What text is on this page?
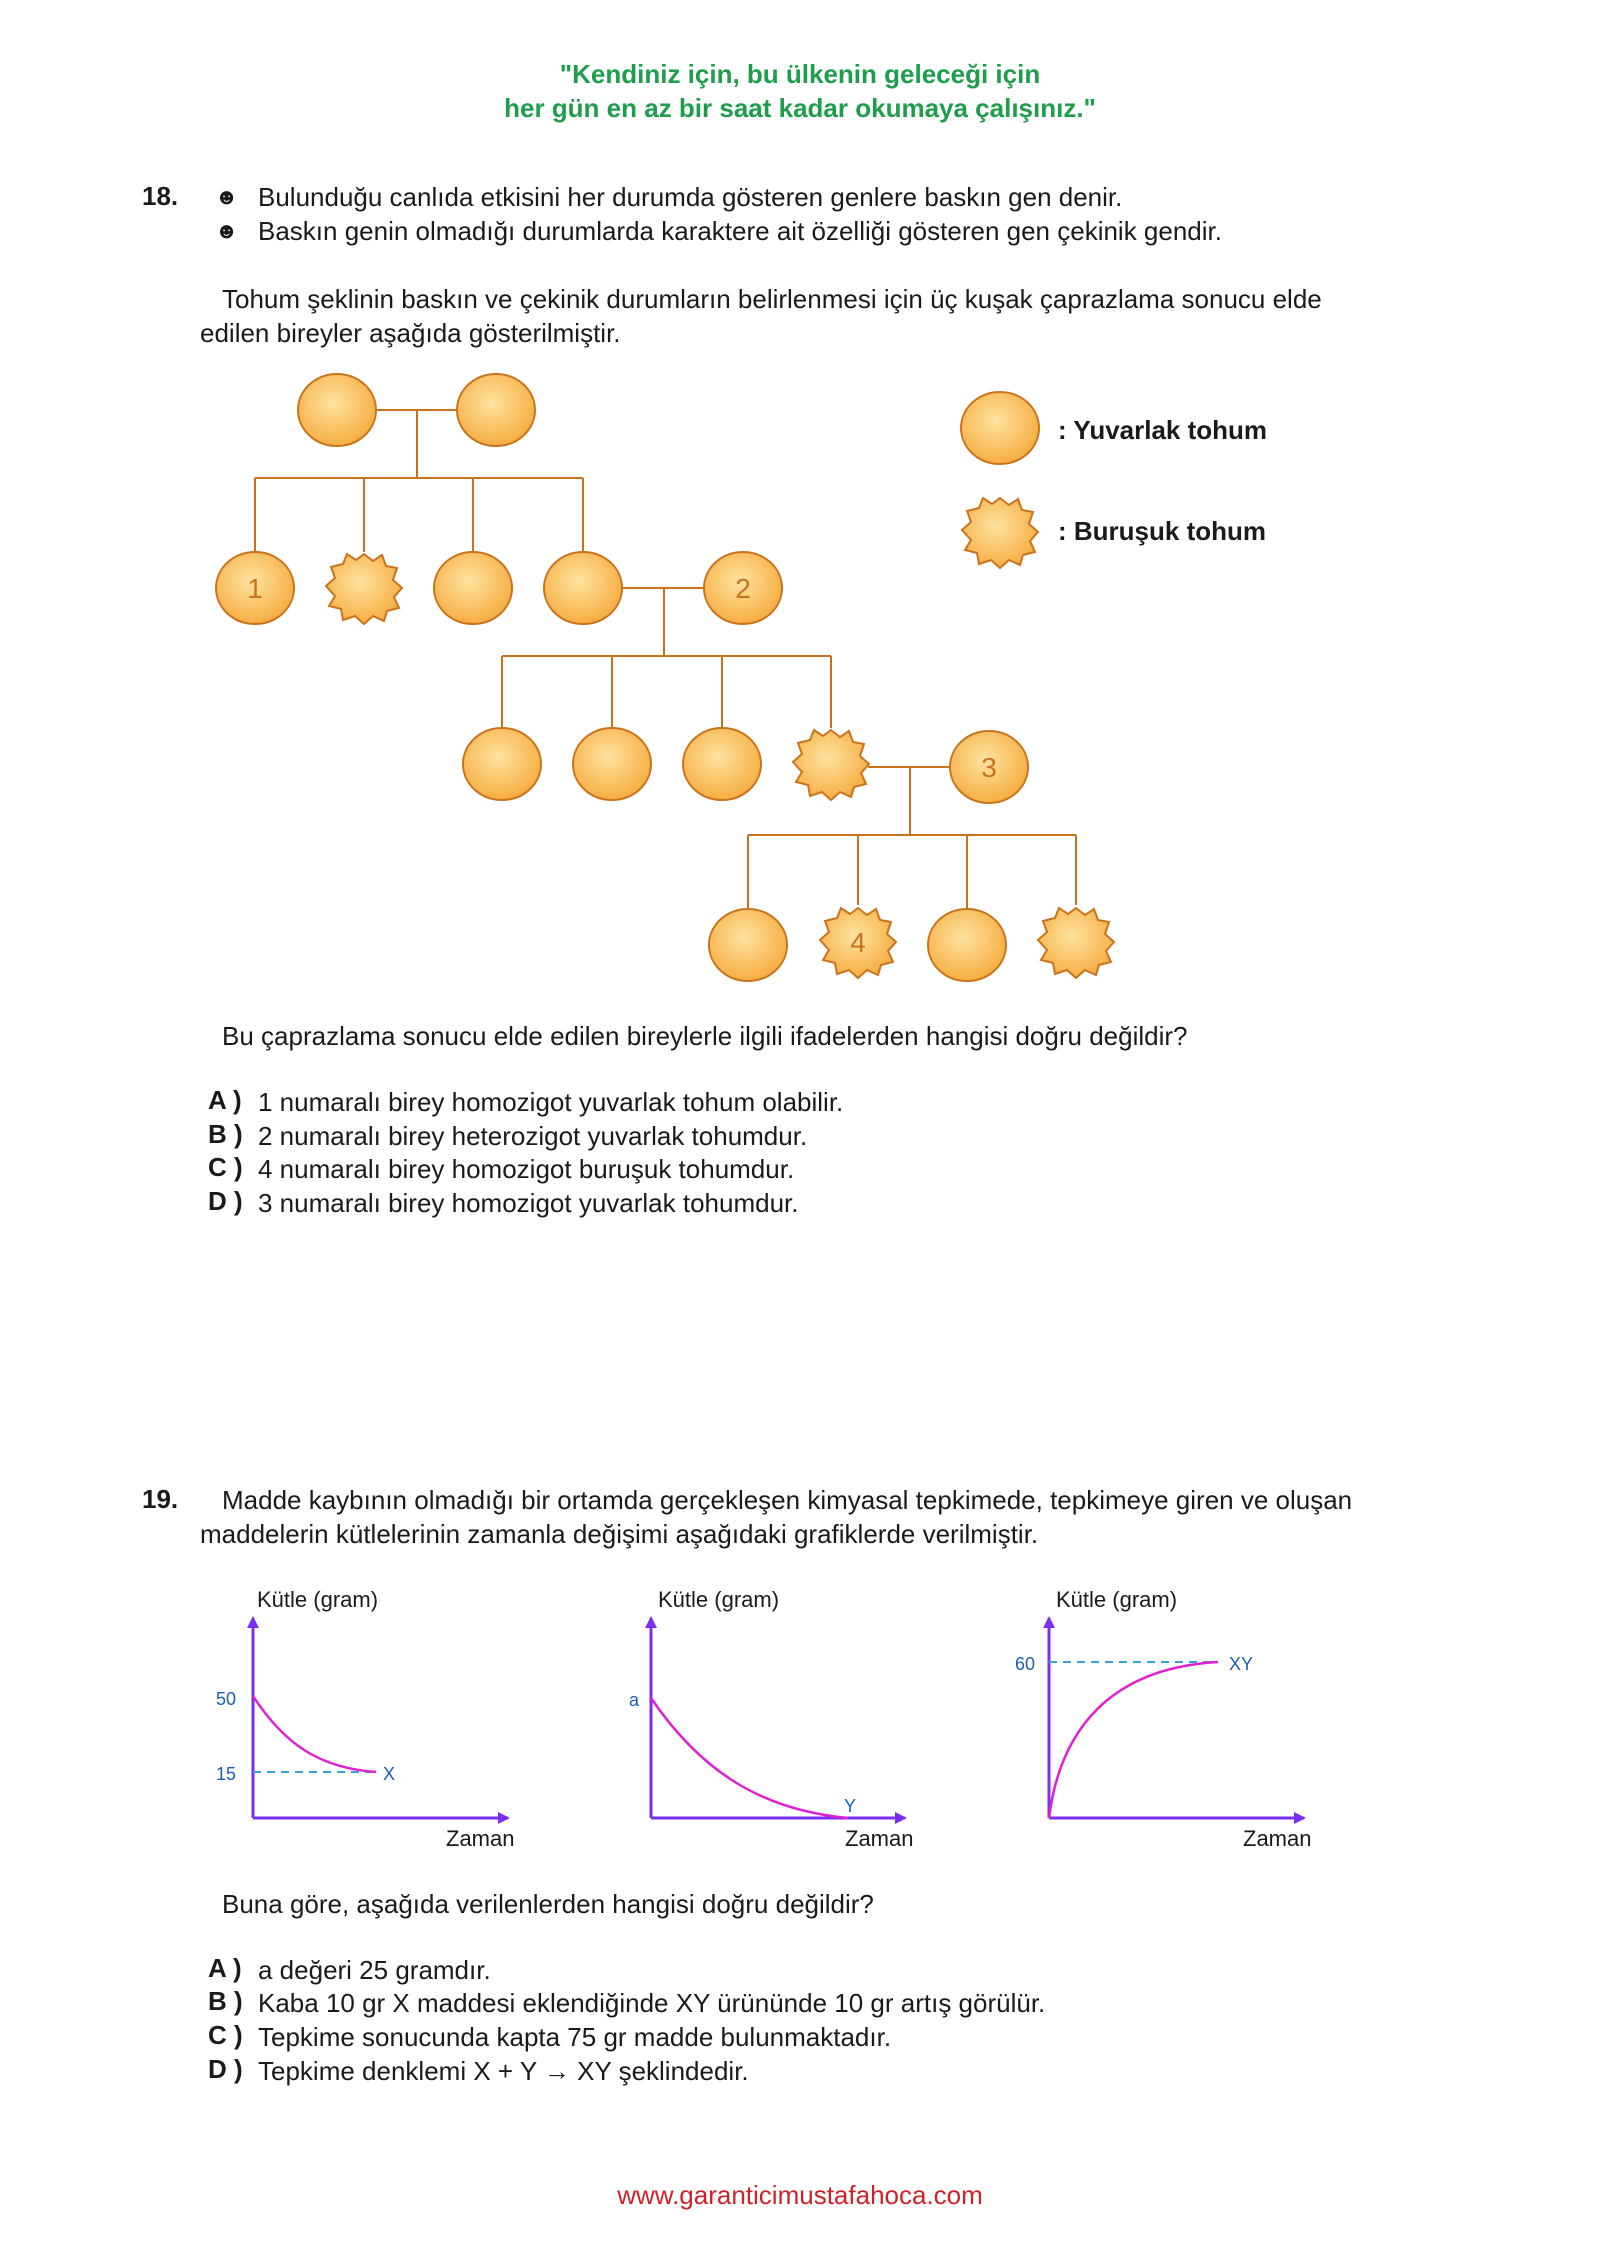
"Kendiniz için, bu ülkenin geleceği için
her gün en az bir saat kadar okumaya çalışınız."
18. ☻ Bulunduğu canlıda etkisini her durumda gösteren genlere baskın gen denir.
☻ Baskın genin olmadığı durumlarda karaktere ait özelliği gösteren gen çekinik gendir.
Tohum şeklinin baskın ve çekinik durumların belirlenmesi için üç kuşak çaprazlama sonucu elde
edilen bireyler aşağıda gösterilmiştir.
1	2
3
4
: Yuvarlak tohum
: Buruşuk tohum
Bu çaprazlama sonucu elde edilen bireylerle ilgili ifadelerden hangisi doğru değildir?
A ) 1 numaralı birey homozigot yuvarlak tohum olabilir.
B ) 2 numaralı birey heterozigot yuvarlak tohumdur.
C ) 4 numaralı birey homozigot buruşuk tohumdur.
D ) 3 numaralı birey homozigot yuvarlak tohumdur.
19. Madde kaybının olmadığı bir ortamda gerçekleşen kimyasal tepkimede, tepkimeye giren ve oluşan
maddelerin kütlelerinin zamanla değişimi aşağıdaki grafiklerde verilmiştir.
Kütle (gram)
Zaman
50
15	X
Kütle (gram)
Zaman
a
Y
Kütle (gram)
Zaman
60	XY
Buna göre, aşağıda verilenlerden hangisi doğru değildir?
A ) a değeri 25 gramdır.
B ) Kaba 10 gr X maddesi eklendiğinde XY ürününde 10 gr artış görülür.
C ) Tepkime sonucunda kapta 75 gr madde bulunmaktadır.
D ) Tepkime denklemi X + Y → XY şeklindedir.
www.garanticimustafahoca.com
